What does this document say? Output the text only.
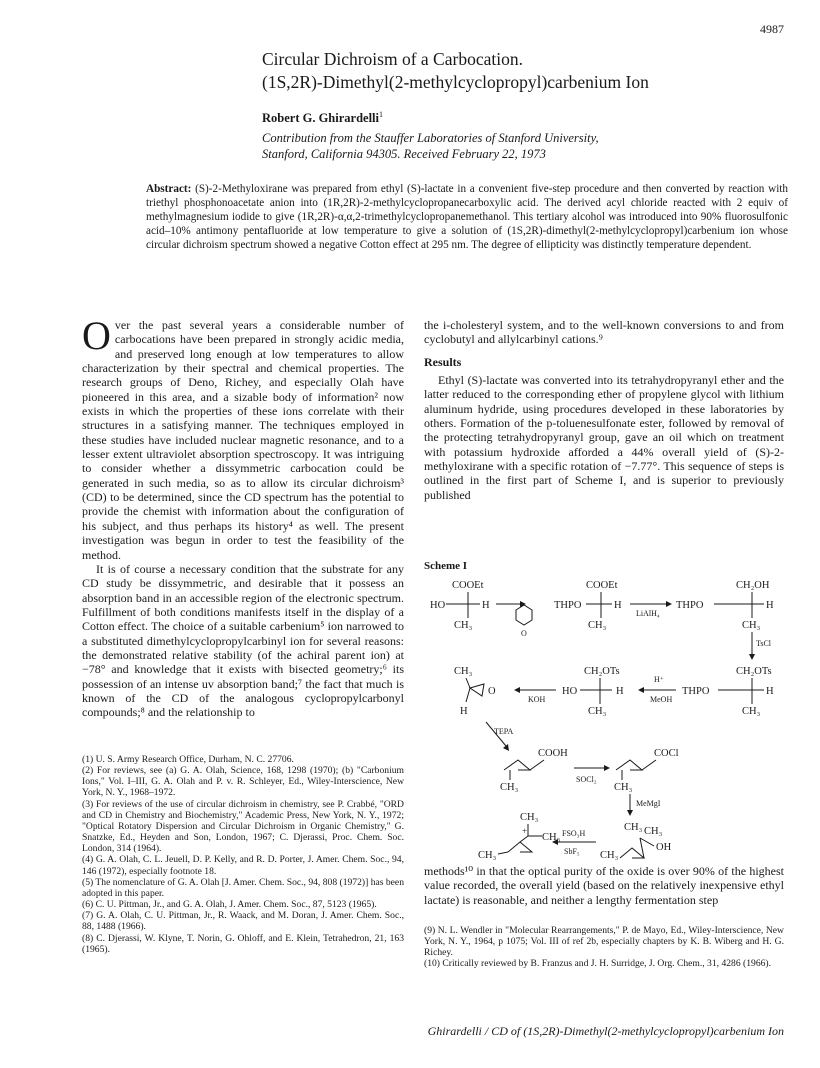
4987
Circular Dichroism of a Carbocation.
(1S,2R)-Dimethyl(2-methylcyclopropyl)carbenium Ion
Robert G. Ghirardelli$^1$
Contribution from the Stauffer Laboratories of Stanford University,
Stanford, California 94305. Received February 22, 1973
Abstract: (S)-2-Methyloxirane was prepared from ethyl (S)-lactate in a convenient five-step procedure and then converted by reaction with triethyl phosphonoacetate anion into (1R,2R)-2-methylcyclopropanecarboxylic acid. The derived acyl chloride reacted with 2 equiv of methylmagnesium iodide to give (1R,2R)-α,α,2-trimethylcyclopropanemethanol. This tertiary alcohol was introduced into 90% fluorosulfonic acid–10% antimony pentafluoride at low temperature to give a solution of (1S,2R)-dimethyl(2-methylcyclopropyl)carbenium ion whose circular dichroism spectrum showed a negative Cotton effect at 295 nm. The degree of ellipticity was distinctly temperature dependent.

Over the past several years a considerable number of carbocations have been prepared in strongly acidic media, and preserved long enough at low temperatures to allow characterization by their spectral and chemical properties. The research groups of Deno, Richey, and especially Olah have pioneered in this area, and a sizable body of information² now exists in which the properties of these ions correlate with their structures in a satisfying manner. The techniques employed in these studies have included nuclear magnetic resonance, and to a lesser extent ultraviolet absorption spectroscopy. It was intriguing to consider whether a dissymmetric carbocation could be generated in such media, so as to allow its circular dichroism³ (CD) to be determined, since the CD spectrum has the potential to provide the chemist with information about the configuration of his subject, and thus perhaps its history⁴ as well. The present investigation was begun in order to test the feasibility of the method.

It is of course a necessary condition that the substrate for any CD study be dissymmetric, and desirable that it possess an absorption band in an accessible region of the electronic spectrum. Fulfillment of both conditions manifests itself in the display of a Cotton effect. The choice of a suitable carbenium⁵ ion narrowed to a substituted dimethylcyclopropylcarbinyl ion for several reasons: the demonstrated relative stability (of the achiral parent ion) at −78° and knowledge that it exists with bisected geometry;⁶ its possession of an intense uv absorption band;⁷ the fact that much is known of the CD of the analogous cyclopropylcarbonyl compounds;⁸ and the relationship to

(1) U. S. Army Research Office, Durham, N. C. 27706.
(2) For reviews, see (a) G. A. Olah, Science, 168, 1298 (1970); (b) "Carbonium Ions," Vol. I–III, G. A. Olah and P. v. R. Schleyer, Ed., Wiley-Interscience, New York, N. Y., 1968–1972.
(3) For reviews of the use of circular dichroism in chemistry, see P. Crabbé, "ORD and CD in Chemistry and Biochemistry," Academic Press, New York, N. Y., 1972; "Optical Rotatory Dispersion and Circular Dichroism in Organic Chemistry," G. Snatzke, Ed., Heyden and Son, London, 1967; C. Djerassi, Proc. Chem. Soc. London, 314 (1964).
(4) G. A. Olah, C. L. Jeuell, D. P. Kelly, and R. D. Porter, J. Amer. Chem. Soc., 94, 146 (1972), especially footnote 18.
(5) The nomenclature of G. A. Olah [J. Amer. Chem. Soc., 94, 808 (1972)] has been adopted in this paper.
(6) C. U. Pittman, Jr., and G. A. Olah, J. Amer. Chem. Soc., 87, 5123 (1965).
(7) G. A. Olah, C. U. Pittman, Jr., R. Waack, and M. Doran, J. Amer. Chem. Soc., 88, 1488 (1966).
(8) C. Djerassi, W. Klyne, T. Norin, G. Ohloff, and E. Klein, Tetrahedron, 21, 163 (1965).

the i-cholesteryl system, and to the well-known conversions to and from cyclobutyl and allylcarbinyl cations.⁹

Results

Ethyl (S)-lactate was converted into its tetrahydropyranyl ether and the latter reduced to the corresponding ether of propylene glycol with lithium aluminum hydride, using procedures developed in these laboratories by others. Formation of the p-toluenesulfonate ester, followed by removal of the protecting tetrahydropyranyl group, gave an oil which on treatment with potassium hydroxide afforded a 44% overall yield of (S)-2-methyloxirane with a specific rotation of −7.77°. This sequence of steps is outlined in the first part of Scheme I, and is superior to previously published

Scheme I
COOEt
HO	H
CH₃
O
COOEt
THPO	H
CH₃
LiAlH₄
CH₂OH
THPO	H
CH₃
TsCl
CH₂OTs
THPO	H
CH₃
H⁺
MeOH
CH₂OTs
HO	H
CH₃
KOH
CH₃
O
H
TEPA
COOH
CH₃
SOCl₂
COCl
CH₃
MeMgI
CH₃ CH₃
OH
CH₃
FSO₃H
SbF₅
CH₃
+
CH₃
CH₃
methods¹⁰ in that the optical purity of the oxide is over 90% of the highest value recorded, the overall yield (based on the relatively inexpensive ethyl lactate) is reasonable, and neither a lengthy fermentation step
(9) N. L. Wendler in "Molecular Rearrangements," P. de Mayo, Ed., Wiley-Interscience, New York, N. Y., 1964, p 1075; Vol. III of ref 2b, especially chapters by K. B. Wiberg and H. G. Richey.
(10) Critically reviewed by B. Franzus and J. H. Surridge, J. Org. Chem., 31, 4286 (1966).
Ghirardelli / CD of (1S,2R)-Dimethyl(2-methylcyclopropyl)carbenium Ion
